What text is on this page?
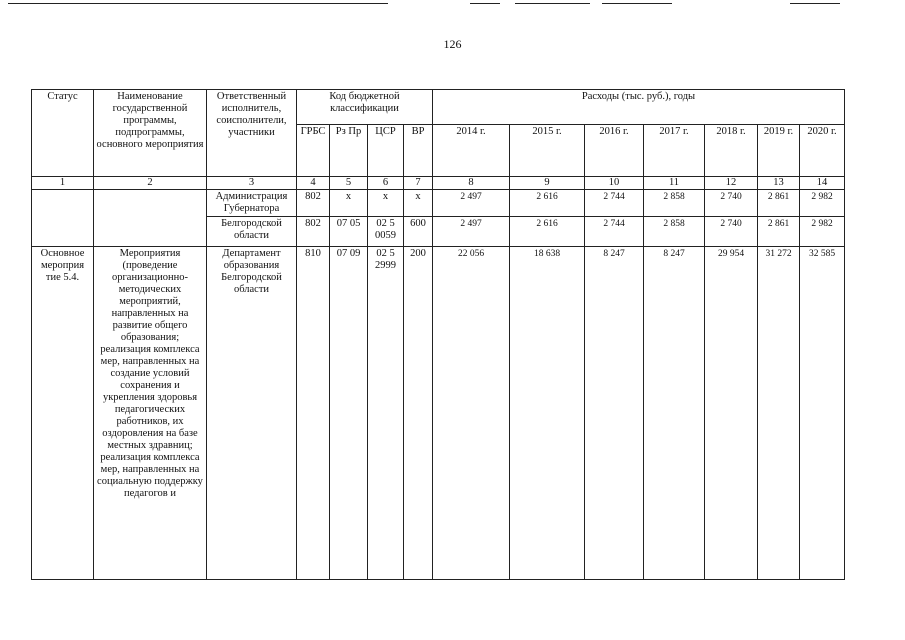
126
Статус	Наименование государственной программы, подпрограммы, основного мероприятия	Ответственный исполнитель, соисполнители, участники	Код бюджетной классификации				Расходы (тыс. руб.), годы						
			ГРБС	Рз Пр	ЦСР	ВР	2014 г.	2015 г.	2016 г.	2017 г.	2018 г.	2019 г.	2020 г.
1	2	3	4	5	6	7	8	9	10	11	12	13	14
		Администрация Губернатора	802	x	x	x	2 497	2 616	2 744	2 858	2 740	2 861	2 982
		Белгородской области	802	07 05	02 5 0059	600	2 497	2 616	2 744	2 858	2 740	2 861	2 982
Основное мероприя тие 5.4.	Мероприятия (проведение организационно-методических мероприятий, направленных на развитие общего образования; реализация комплекса мер, направленных на создание условий сохранения и укрепления здоровья педагогических работников, их оздоровления на базе местных здравниц; реализация комплекса мер, направленных на социальную поддержку педагогов и	Департамент образования Белгородской области	810	07 09	02 5 2999	200	22 056	18 638	8 247	8 247	29 954	31 272	32 585
